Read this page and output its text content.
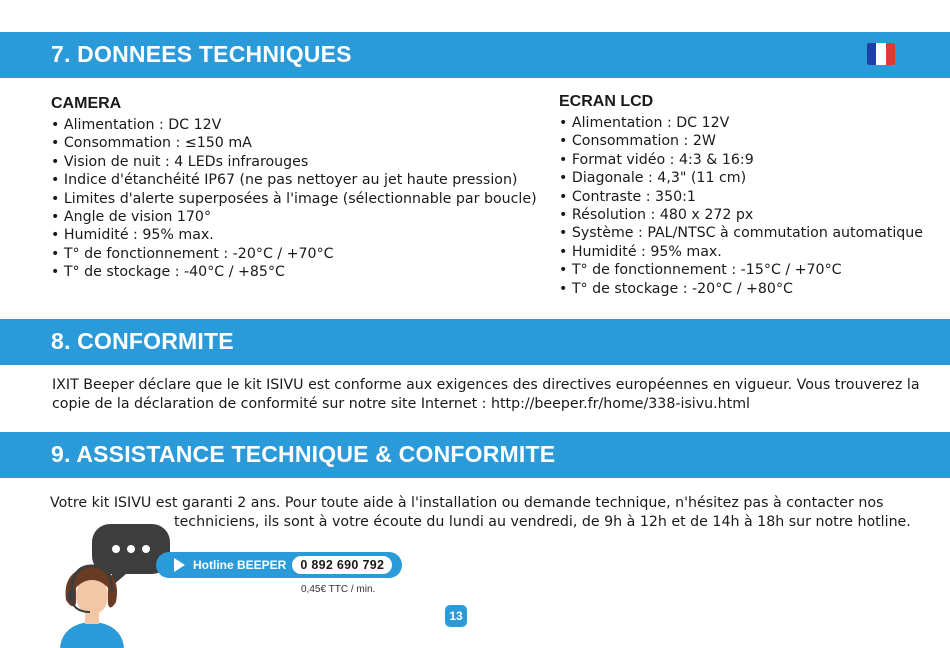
7. DONNEES TECHNIQUES
CAMERA
• Alimentation : DC 12V
• Consommation : ≤150 mA
• Vision de nuit : 4 LEDs infrarouges
• Indice d'étanchéité IP67 (ne pas nettoyer au jet haute pression)
• Limites d'alerte superposées à l'image (sélectionnable par boucle)
• Angle de vision 170°
• Humidité : 95% max.
• T° de fonctionnement : -20°C / +70°C
• T° de stockage : -40°C / +85°C
ECRAN LCD
• Alimentation : DC 12V
• Consommation : 2W
• Format vidéo : 4:3 & 16:9
• Diagonale : 4,3" (11 cm)
• Contraste : 350:1
• Résolution : 480 x 272 px
• Système : PAL/NTSC à commutation automatique
• Humidité : 95% max.
• T° de fonctionnement : -15°C / +70°C
• T° de stockage : -20°C / +80°C
8. CONFORMITE
IXIT Beeper déclare que le kit ISIVU est conforme aux exigences des directives européennes en vigueur. Vous trouverez la
copie de la déclaration de conformité sur notre site Internet : http://beeper.fr/home/338-isivu.html
9. ASSISTANCE TECHNIQUE & CONFORMITE
Votre kit ISIVU est garanti 2 ans. Pour toute aide à l'installation ou demande technique, n'hésitez pas à contacter nos
techniciens, ils sont à votre écoute du lundi au vendredi, de 9h à 12h et de 14h à 18h sur notre hotline.
Hotline BEEPER	0 892 690 792
0,45€ TTC / min.
13
